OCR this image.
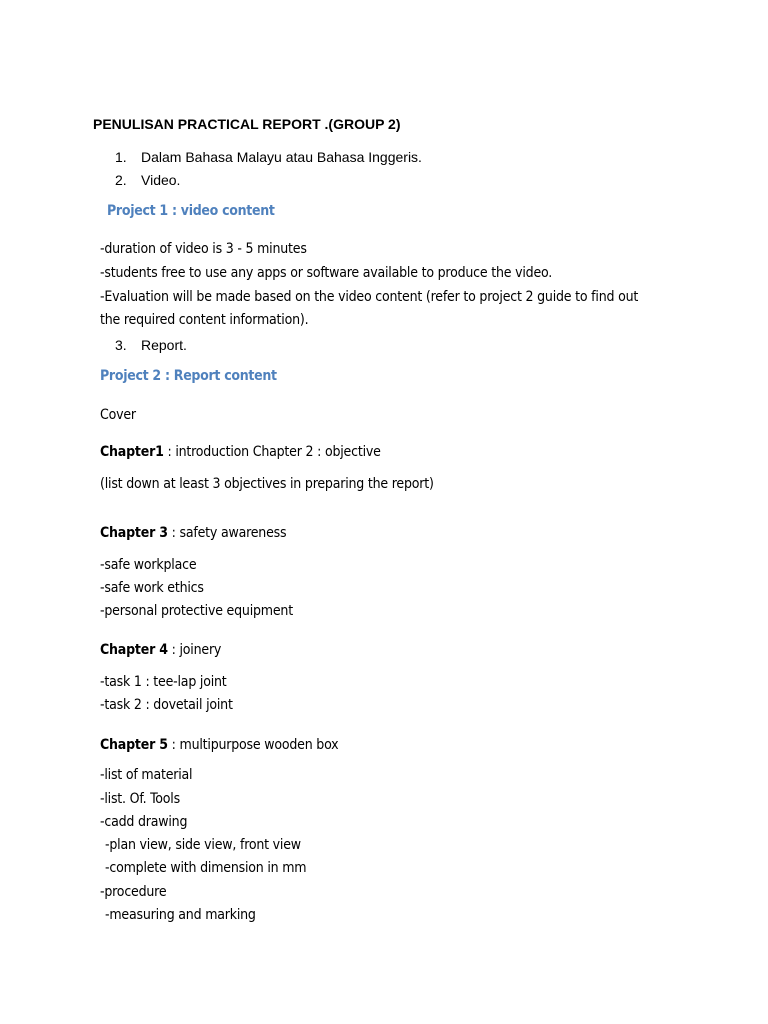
PENULISAN PRACTICAL REPORT .(GROUP 2)

1. Dalam Bahasa Malayu atau Bahasa Inggeris.

2. Video.

Project 1 : video content

-duration of video is 3 - 5 minutes

-students free to use any apps or software available to produce the video.

-Evaluation will be made based on the video content (refer to project 2 guide to find out

the required content information).

3. Report.

Project 2 : Report content

Cover

Chapter1 : introduction Chapter 2 : objective

(list down at least 3 objectives in preparing the report)

Chapter 3 : safety awareness

-safe workplace

-safe work ethics

-personal protective equipment

Chapter 4 : joinery

-task 1 : tee-lap joint

-task 2 : dovetail joint

Chapter 5 : multipurpose wooden box

-list of material

-list. Of. Tools

-cadd drawing

-plan view, side view, front view

-complete with dimension in mm

-procedure

-measuring and marking
